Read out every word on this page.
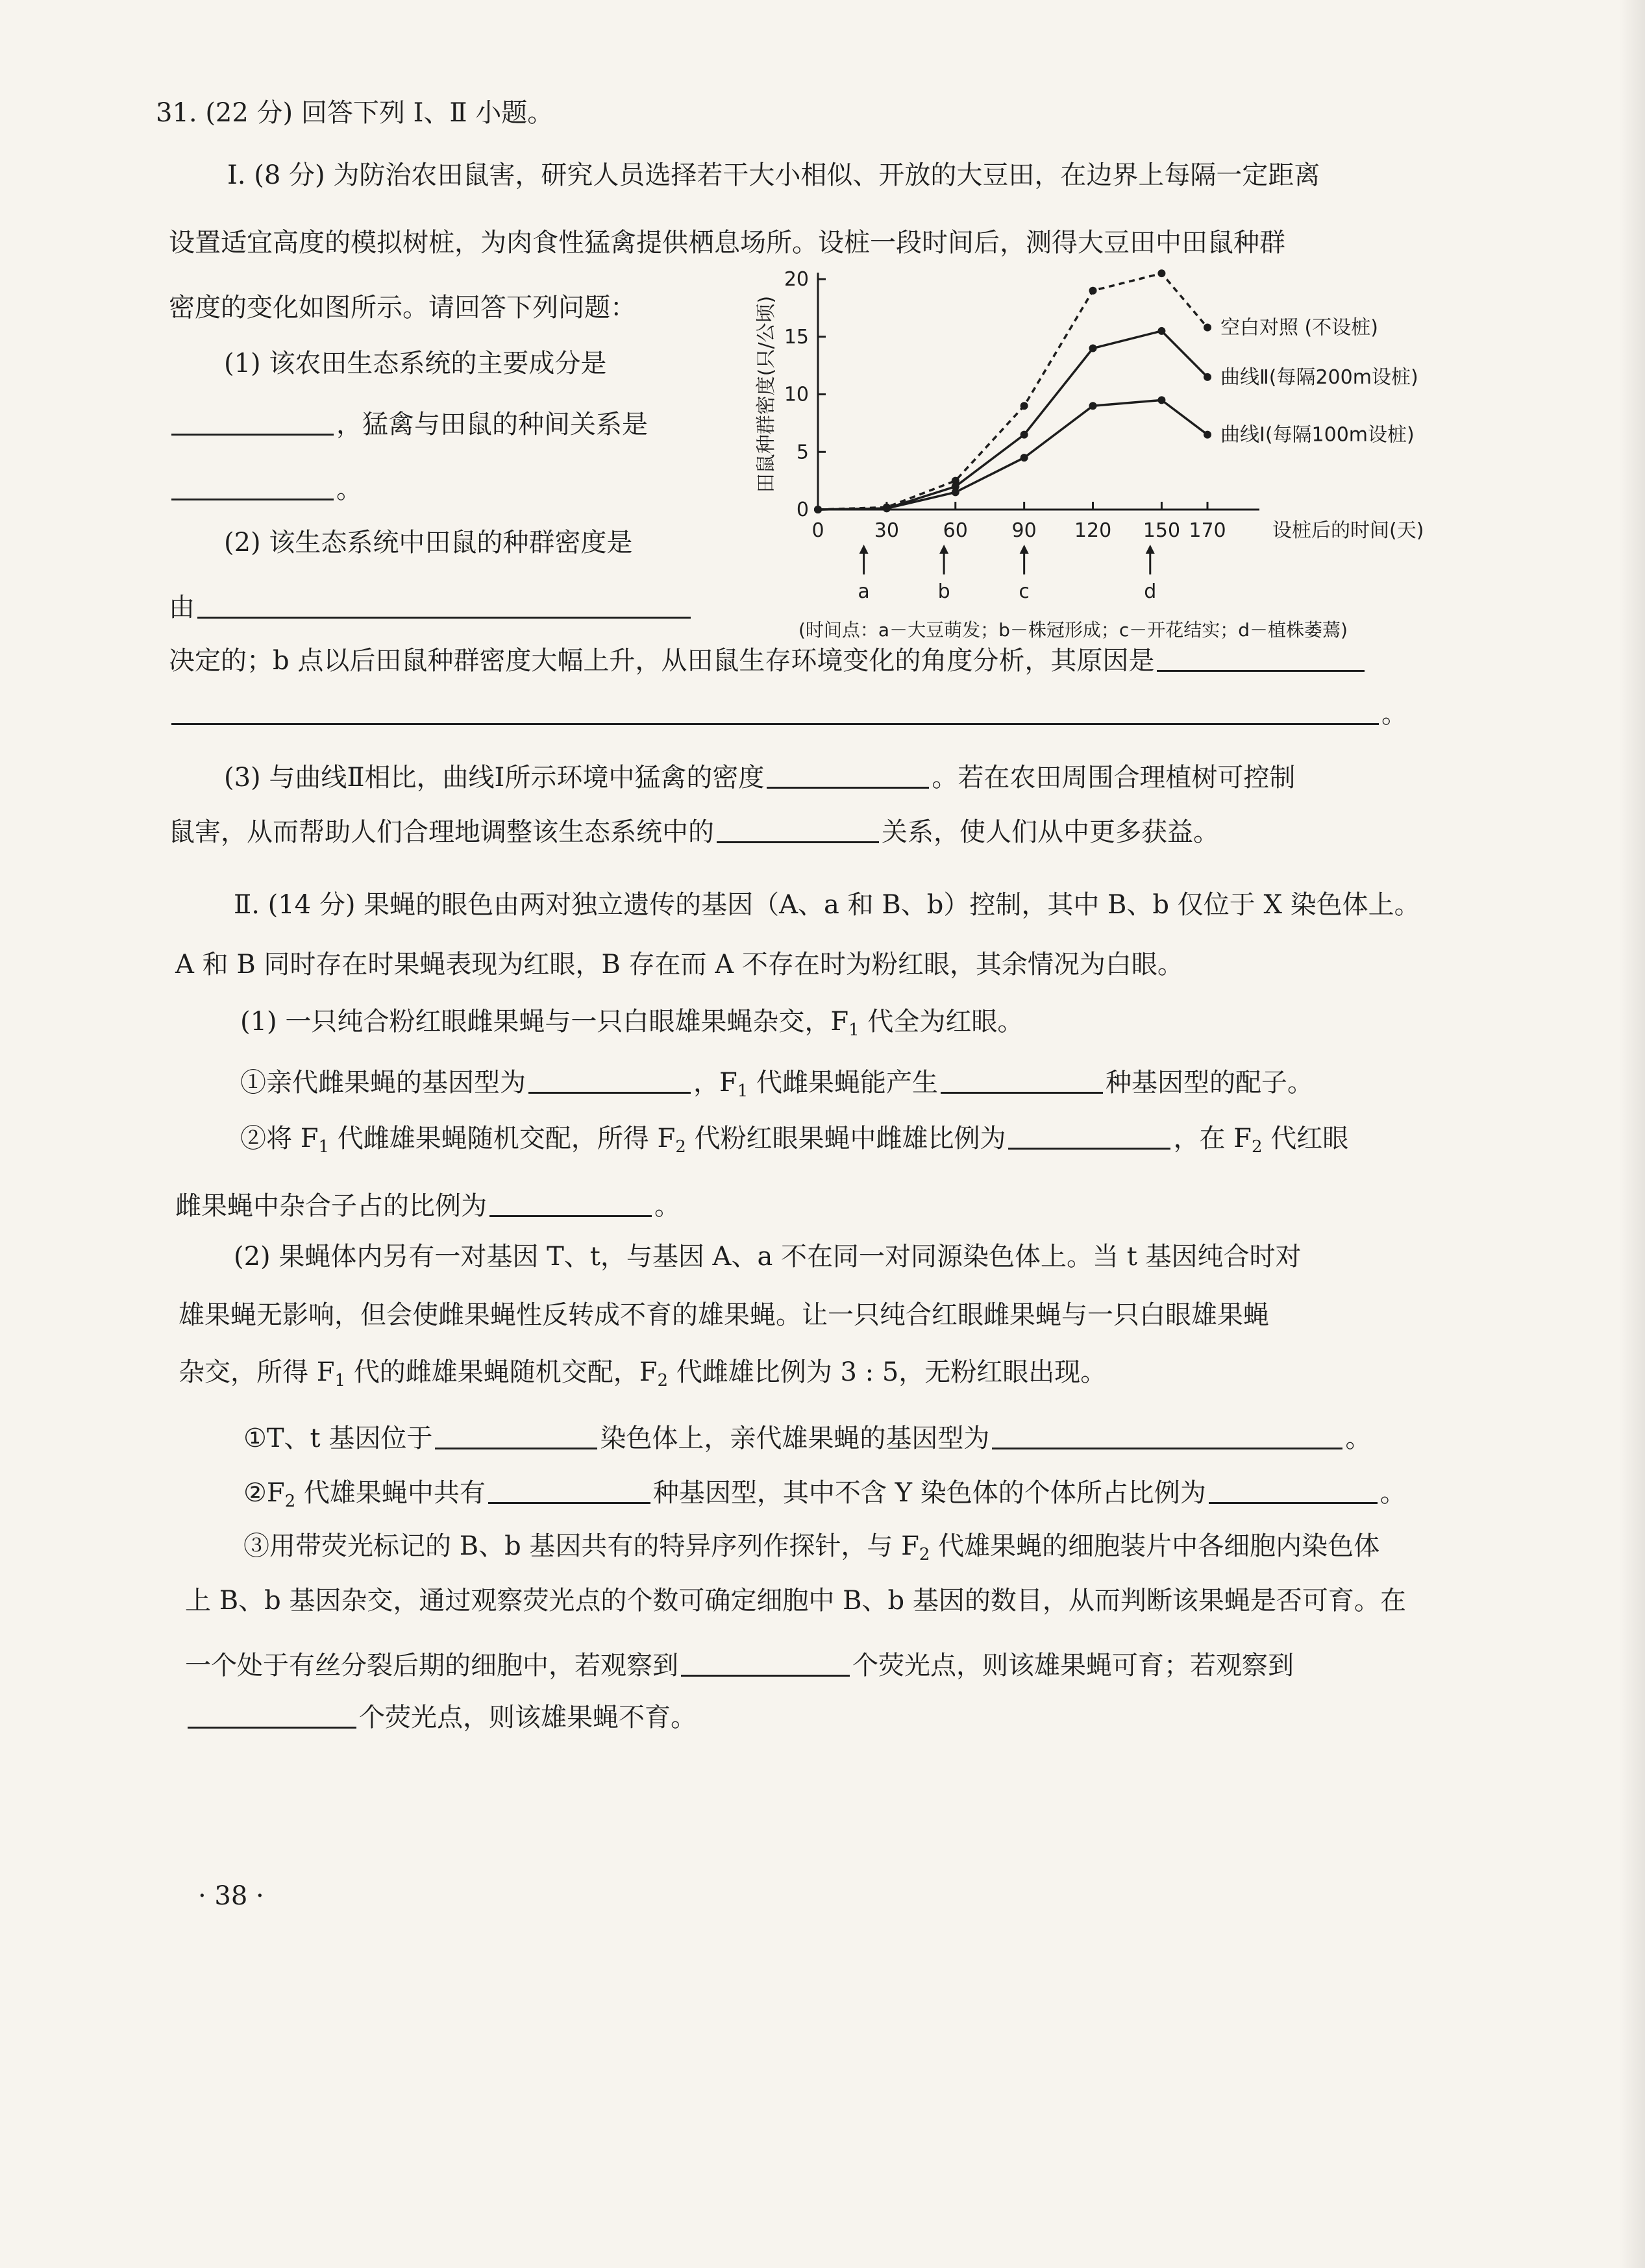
31. (22 分) 回答下列 Ⅰ、Ⅱ 小题。
Ⅰ. (8 分) 为防治农田鼠害，研究人员选择若干大小相似、开放的大豆田，在边界上每隔一定距离
设置适宜高度的模拟树桩，为肉食性猛禽提供栖息场所。设桩一段时间后，测得大豆田中田鼠种群
密度的变化如图所示。请回答下列问题：
(1) 该农田生态系统的主要成分是
，猛禽与田鼠的种间关系是
。
(2) 该生态系统中田鼠的种群密度是
由
决定的；b 点以后田鼠种群密度大幅上升，从田鼠生存环境变化的角度分析，其原因是
。
(3) 与曲线Ⅱ相比，曲线Ⅰ所示环境中猛禽的密度	。若在农田周围合理植树可控制
鼠害，从而帮助人们合理地调整该生态系统中的	关系，使人们从中更多获益。
Ⅱ. (14 分) 果蝇的眼色由两对独立遗传的基因（A、a 和 B、b）控制，其中 B、b 仅位于 X 染色体上。
A 和 B 同时存在时果蝇表现为红眼，B 存在而 A 不存在时为粉红眼，其余情况为白眼。
(1) 一只纯合粉红眼雌果蝇与一只白眼雄果蝇杂交，$F_1$ 代全为红眼。
①亲代雌果蝇的基因型为	，$F_1$ 代雌果蝇能产生	种基因型的配子。
②将 $F_1$ 代雌雄果蝇随机交配，所得 $F_2$ 代粉红眼果蝇中雌雄比例为	，在 $F_2$ 代红眼
雌果蝇中杂合子占的比例为	。
(2) 果蝇体内另有一对基因 T、t，与基因 A、a 不在同一对同源染色体上。当 t 基因纯合时对
雄果蝇无影响，但会使雌果蝇性反转成不育的雄果蝇。让一只纯合红眼雌果蝇与一只白眼雄果蝇
杂交，所得 $F_1$ 代的雌雄果蝇随机交配，$F_2$ 代雌雄比例为 3 : 5，无粉红眼出现。
①T、t 基因位于	染色体上，亲代雄果蝇的基因型为	。
$②F_2$ 代雄果蝇中共有	种基因型，其中不含 Y 染色体的个体所占比例为	。
③用带荧光标记的 B、b 基因共有的特异序列作探针，与 $F_2$ 代雄果蝇的细胞装片中各细胞内染色体
上 B、b 基因杂交，通过观察荧光点的个数可确定细胞中 B、b 基因的数目，从而判断该果蝇是否可育。在
一个处于有丝分裂后期的细胞中，若观察到	个荧光点，则该雄果蝇可育；若观察到
个荧光点，则该雄果蝇不育。
· 38 ·
0
5
10
15
20
0	30 60 90 120 150 170
空白对照 (不设桩)
曲线Ⅱ(每隔200m设桩)
曲线Ⅰ(每隔100m设桩)
a	b	c	d
田鼠种群密度(只/公顷)
设桩后的时间(天)
(时间点：a－大豆萌发；b－株冠形成；c－开花结实；d－植株萎蔫)
